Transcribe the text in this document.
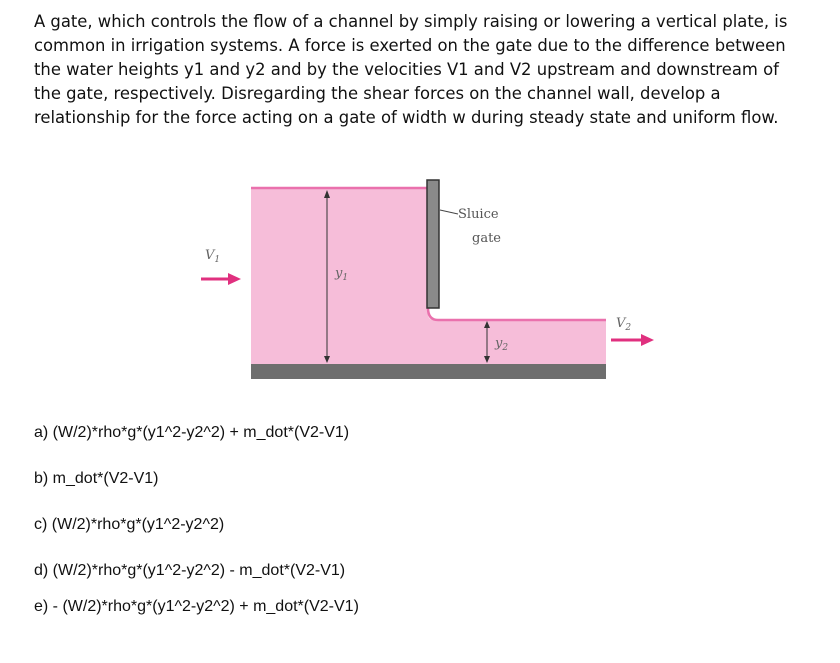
A gate, which controls the flow of a channel by simply raising or lowering a vertical plate, is
common in irrigation systems. A force is exerted on the gate due to the difference between
the water heights y1 and y2 and by the velocities V1 and V2 upstream and downstream of
the gate, respectively. Disregarding the shear forces on the channel wall, develop a
relationship for the force acting on a gate of width w during steady state and uniform flow.
$y_1$
$y_2$
Sluice
gate
$V_1$
$V_2$
a) (W/2)*rho*g*(y1^2-y2^2) + m_dot*(V2-V1)
b) m_dot*(V2-V1)
c) (W/2)*rho*g*(y1^2-y2^2)
d) (W/2)*rho*g*(y1^2-y2^2) - m_dot*(V2-V1)
e) - (W/2)*rho*g*(y1^2-y2^2) + m_dot*(V2-V1)
